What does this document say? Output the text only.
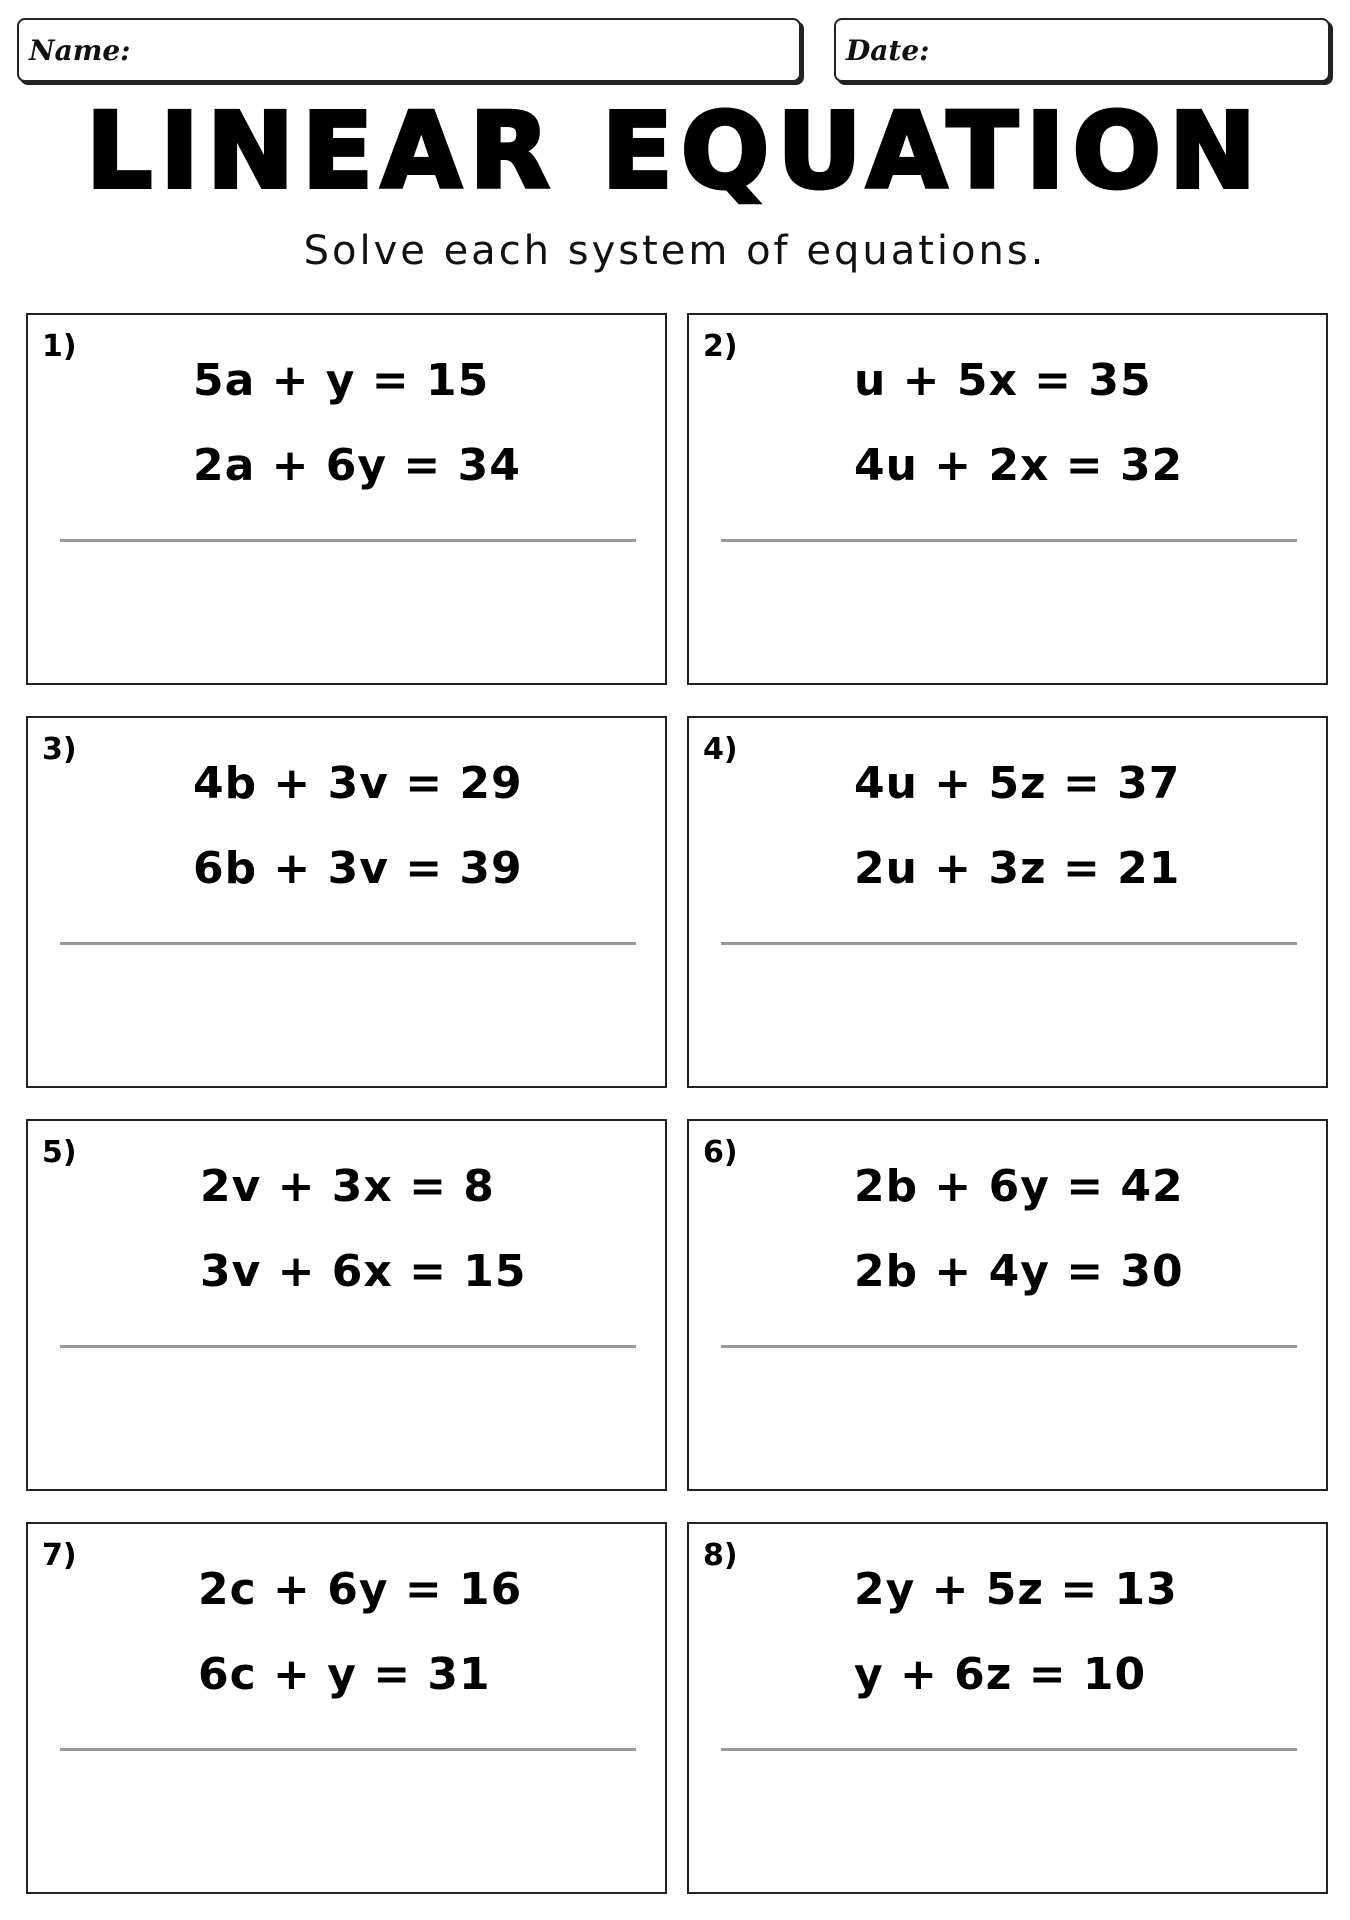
Name:	Date:
LINEAR EQUATION
Solve each system of equations.
1)
5a + y = 15
2a + 6y = 34
2)
u + 5x = 35
4u + 2x = 32
3)
4b + 3v = 29
6b + 3v = 39
4)
4u + 5z = 37
2u + 3z = 21
5)
2v + 3x = 8
3v + 6x = 15
6)
2b + 6y = 42
2b + 4y = 30
7)
2c + 6y = 16
6c + y = 31
8)
2y + 5z = 13
y + 6z = 10
